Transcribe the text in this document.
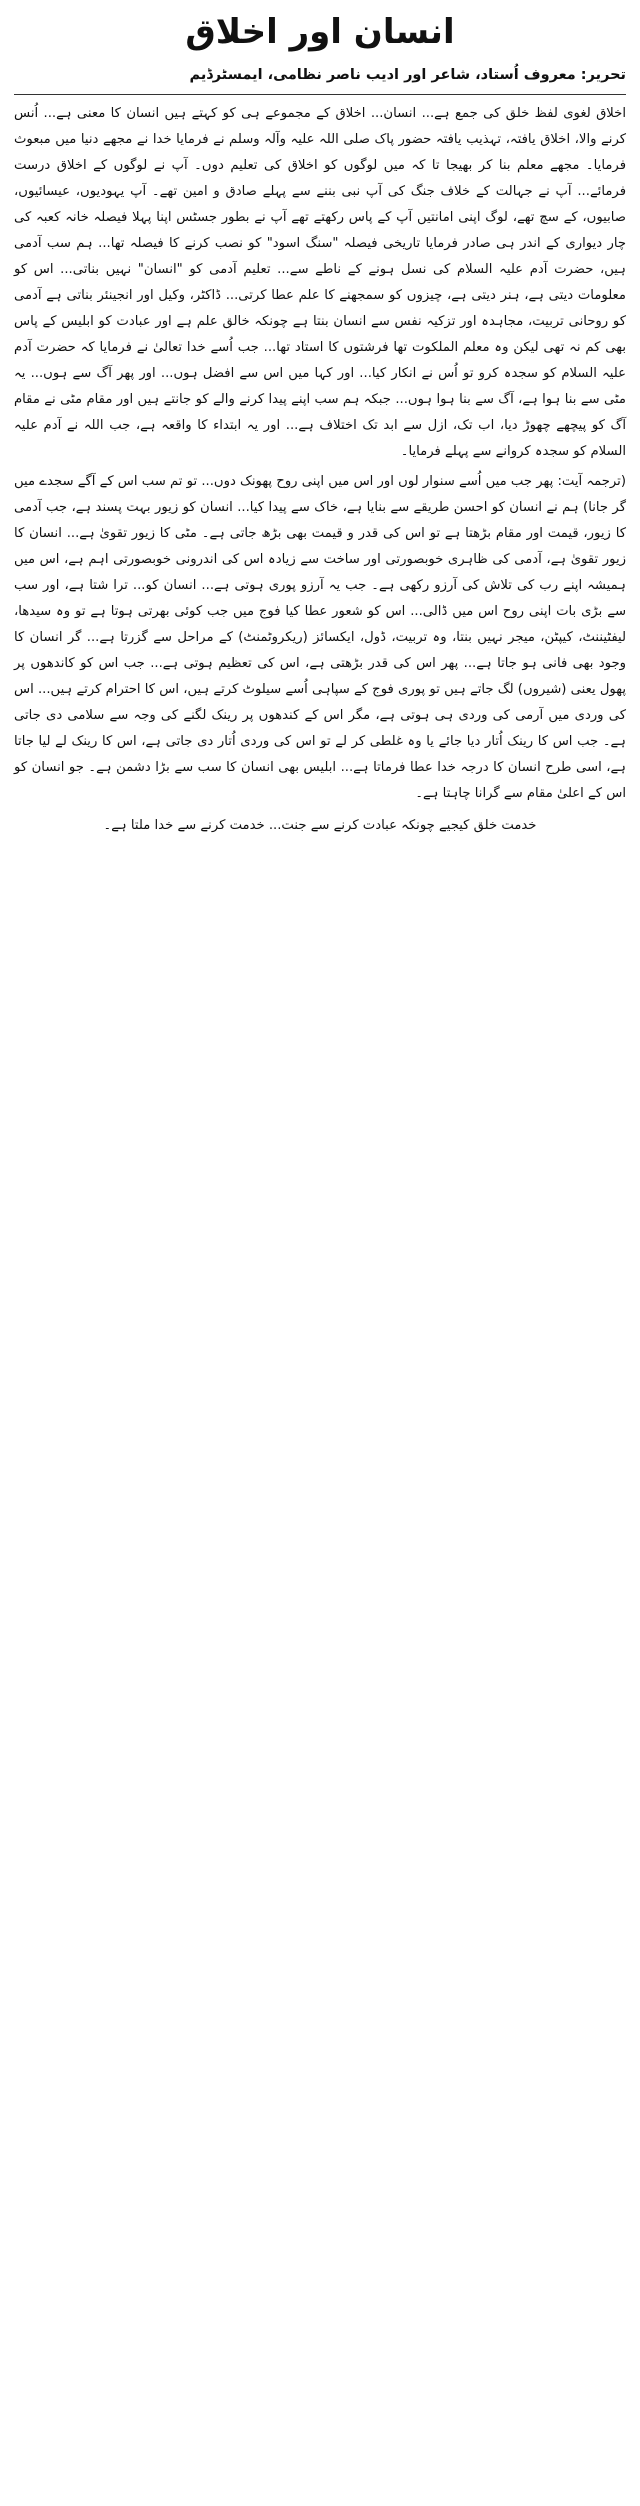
انسان اور اخلاق
تحریر: معروف اُستاد، شاعر اور ادیب ناصر نظامی، ایمسٹرڈیم

اخلاق لغوی لفظ خلق کی جمع ہے... انسان... اخلاق کے مجموعے ہی کو کہتے ہیں انسان کا معنی ہے... اُنس کرنے والا، اخلاق یافتہ، تہذیب یافتہ حضور پاک صلی اللہ علیہ وآلہ وسلم نے فرمایا خدا نے مجھے دنیا میں مبعوث فرمایا۔ مجھے معلم بنا کر بھیجا تا کہ میں لوگوں کو اخلاق کی تعلیم دوں۔ آپ نے لوگوں کے اخلاق درست فرمائے... آپ نے جہالت کے خلاف جنگ کی آپ نبی بننے سے پہلے صادق و امین تھے۔ آپ یہودیوں، عیسائیوں، صابیوں، کے سچ تھے، لوگ اپنی امانتیں آپ کے پاس رکھتے تھے آپ نے بطور جسٹس اپنا پہلا فیصلہ خانہ کعبہ کی چار دیواری کے اندر ہی صادر فرمایا تاریخی فیصلہ "سنگ اسود" کو نصب کرنے کا فیصلہ تھا... ہم سب آدمی ہیں، حضرت آدم علیہ السلام کی نسل ہونے کے ناطے سے... تعلیم آدمی کو "انسان" نہیں بناتی... اس کو معلومات دیتی ہے، ہنر دیتی ہے، چیزوں کو سمجھنے کا علم عطا کرتی... ڈاکٹر، وکیل اور انجینئر بناتی ہے آدمی کو روحانی تربیت، مجاہدہ اور تزکیہ نفس سے انسان بنتا ہے چونکہ خالق علم ہے اور عبادت کو ابلیس کے پاس بھی کم نہ تھی لیکن وہ معلم الملکوت تھا فرشتوں کا استاد تھا... جب اُسے خدا تعالیٰ نے فرمایا کہ حضرت آدم علیہ السلام کو سجدہ کرو تو اُس نے انکار کیا... اور کہا میں اس سے افضل ہوں... اور پھر آگ سے ہوں... یہ مٹی سے بنا ہوا ہے، آگ سے بنا ہوا ہوں... جبکہ ہم سب اپنے پیدا کرنے والے کو جانتے ہیں اور مقام مٹی نے مقام آگ کو پیچھے چھوڑ دیا، اب تک، ازل سے ابد تک اختلاف ہے... اور یہ ابتداء کا واقعہ ہے، جب اللہ نے آدم علیہ السلام کو سجدہ کروانے سے پہلے فرمایا۔

(ترجمہ آیت: پھر جب میں اُسے سنوار لوں اور اس میں اپنی روح پھونک دوں... تو تم سب اس کے آگے سجدے میں گر جانا) ہم نے انسان کو احسن طریقے سے بنایا ہے، خاک سے پیدا کیا... انسان کو زیور بہت پسند ہے، جب آدمی کا زیور، قیمت اور مقام بڑھتا ہے تو اس کی قدر و قیمت بھی بڑھ جاتی ہے۔ مٹی کا زیور تقویٰ ہے... انسان کا زیور تقویٰ ہے، آدمی کی ظاہری خوبصورتی اور ساخت سے زیادہ اس کی اندرونی خوبصورتی اہم ہے، اس میں ہمیشہ اپنے رب کی تلاش کی آرزو رکھی ہے۔ جب یہ آرزو پوری ہوتی ہے... انسان کو... ترا شتا ہے، اور سب سے بڑی بات اپنی روح اس میں ڈالی... اس کو شعور عطا کیا فوج میں جب کوئی بھرتی ہوتا ہے تو وہ سیدھا، لیفٹیننٹ، کیپٹن، میجر نہیں بنتا، وہ تربیت، ڈول، ایکسائز (ریکروٹمنٹ) کے مراحل سے گزرتا ہے... گر انسان کا وجود بھی فانی ہو جاتا ہے... پھر اس کی قدر بڑھتی ہے، اس کی تعظیم ہوتی ہے... جب اس کو کاندھوں پر پھول یعنی (شیروں) لگ جاتے ہیں تو پوری فوج کے سپاہی اُسے سیلوٹ کرتے ہیں، اس کا احترام کرتے ہیں... اس کی وردی میں آرمی کی وردی ہی ہوتی ہے، مگر اس کے کندھوں پر رینک لگنے کی وجہ سے سلامی دی جاتی ہے۔ جب اس کا رینک اُتار دیا جائے یا وہ غلطی کر لے تو اس کی وردی اُتار دی جاتی ہے، اس کا رینک لے لیا جاتا ہے، اسی طرح انسان کا درجہ خدا عطا فرماتا ہے... ابلیس بھی انسان کا سب سے بڑا دشمن ہے۔ جو انسان کو اس کے اعلیٰ مقام سے گرانا چاہتا ہے۔

خدمت خلق کیجیے چونکہ عبادت کرنے سے جنت... خدمت کرنے سے خدا ملتا ہے۔
